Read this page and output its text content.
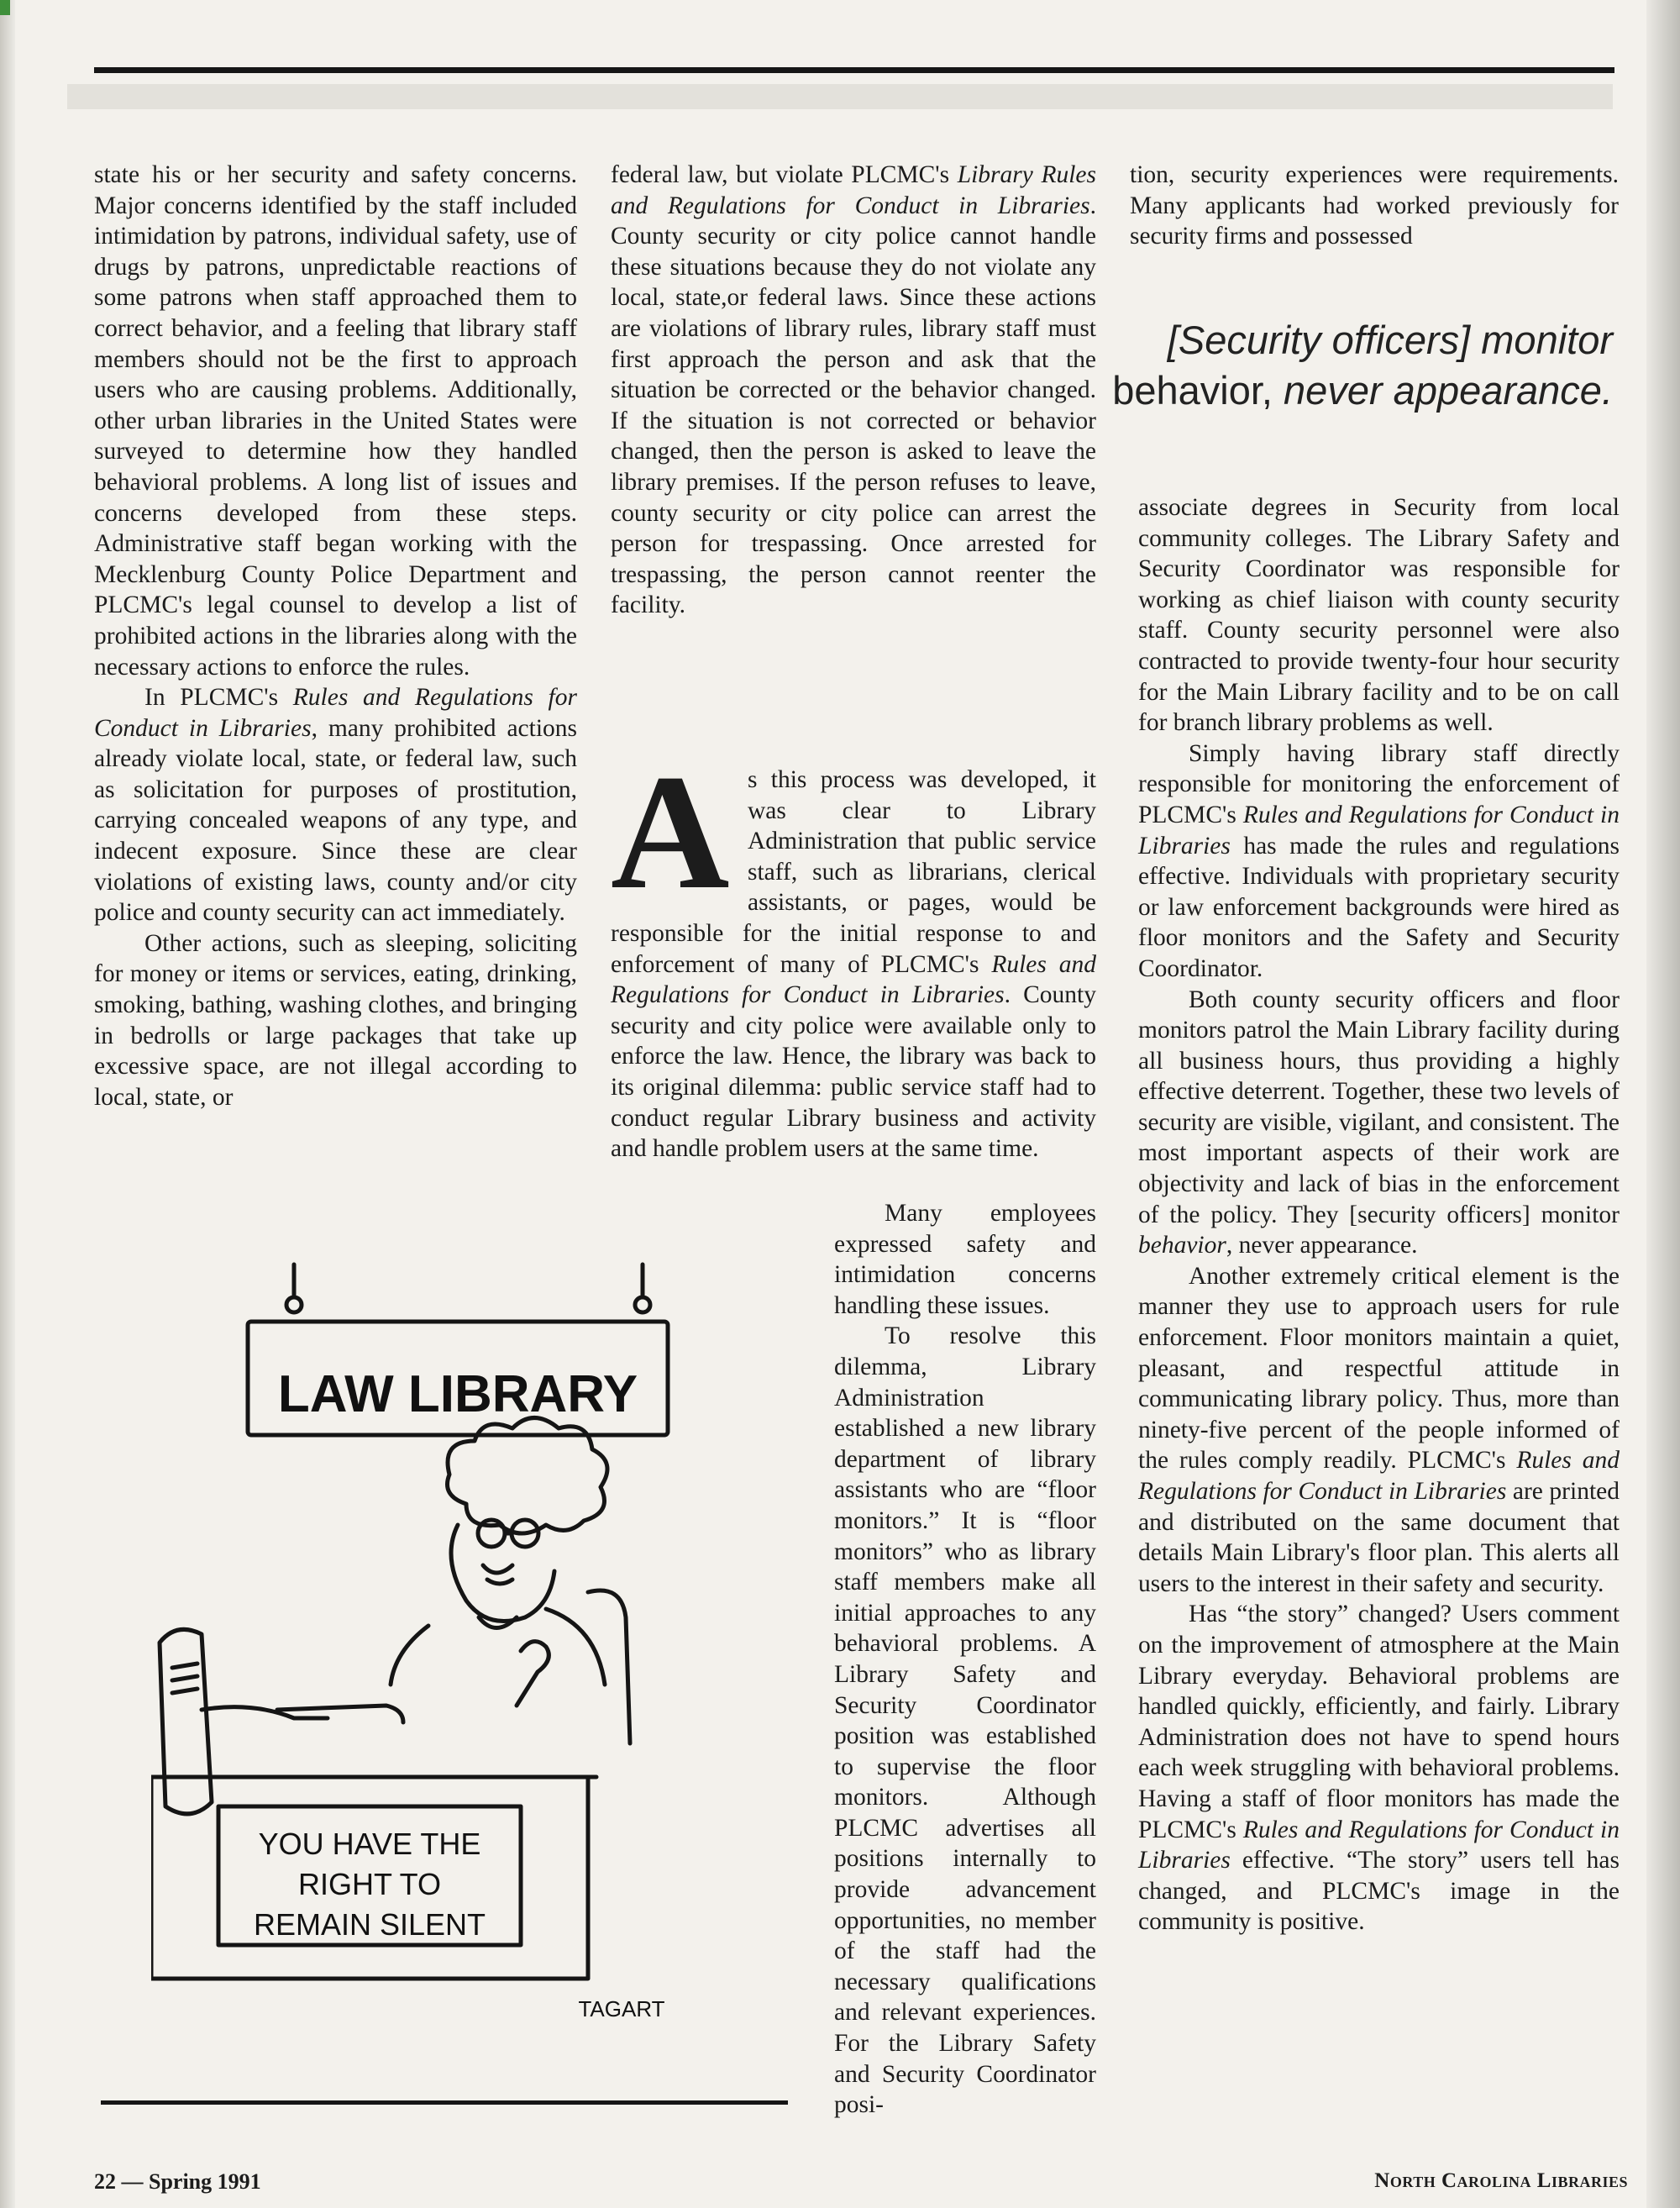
state his or her security and safety concerns. Major concerns identified by the staff included intimidation by patrons, individual safety, use of drugs by patrons, unpredictable reactions of some patrons when staff approached them to correct behavior, and a feeling that library staff members should not be the first to approach users who are causing problems. Additionally, other urban libraries in the United States were surveyed to determine how they handled behavioral problems. A long list of issues and concerns developed from these steps. Administrative staff began working with the Mecklenburg County Police Department and PLCMC's legal counsel to develop a list of prohibited actions in the libraries along with the necessary actions to enforce the rules.

In PLCMC's Rules and Regulations for Conduct in Libraries, many prohibited actions already violate local, state, or federal law, such as solicitation for purposes of prostitution, carrying concealed weapons of any type, and indecent exposure. Since these are clear violations of existing laws, county and/or city police and county security can act immediately.

Other actions, such as sleeping, soliciting for money or items or services, eating, drinking, smoking, bathing, washing clothes, and bringing in bedrolls or large packages that take up excessive space, are not illegal according to local, state, or

federal law, but violate PLCMC's Library Rules and Regulations for Conduct in Libraries. County security or city police cannot handle these situations because they do not violate any local, state,or federal laws. Since these actions are violations of library rules, library staff must first approach the person and ask that the situation be corrected or the behavior changed. If the situation is not corrected or behavior changed, then the person is asked to leave the library premises. If the person refuses to leave, county security or city police can arrest the person for trespassing. Once arrested for trespassing, the person cannot reenter the facility.

As this process was developed, it was clear to Library Administration that public service staff, such as librarians, clerical assistants, or pages, would be responsible for the initial response to and enforcement of many of PLCMC's Rules and Regulations for Conduct in Libraries. County security and city police were available only to enforce the law. Hence, the library was back to its original dilemma: public service staff had to conduct regular Library business and activity and handle problem users at the same time.

Many employees expressed safety and intimidation concerns handling these issues.

To resolve this dilemma, Library Administration established a new library department of library assistants who are “floor monitors.” It is “floor monitors” who as library staff members make all initial approaches to any behavioral problems. A Library Safety and Security Coordinator position was established to supervise the floor monitors. Although PLCMC advertises all positions internally to provide advancement opportunities, no member of the staff had the necessary qualifications and relevant experiences. For the Library Safety and Security Coordinator posi-

tion, security experiences were requirements. Many applicants had worked previously for security firms and possessed

[Security officers] monitor

behavior, never appearance.

associate degrees in Security from local community colleges. The Library Safety and Security Coordinator was responsible for working as chief liaison with county security staff. County security personnel were also contracted to provide twenty-four hour security for the Main Library facility and to be on call for branch library problems as well.

Simply having library staff directly responsible for monitoring the enforcement of PLCMC's Rules and Regulations for Conduct in Libraries has made the rules and regulations effective. Individuals with proprietary security or law enforcement backgrounds were hired as floor monitors and the Safety and Security Coordinator.

Both county security officers and floor monitors patrol the Main Library facility during all business hours, thus providing a highly effective deterrent. Together, these two levels of security are visible, vigilant, and consistent. The most important aspects of their work are objectivity and lack of bias in the enforcement of the policy. They [security officers] monitor behavior, never appearance.

Another extremely critical element is the manner they use to approach users for rule enforcement. Floor monitors maintain a quiet, pleasant, and respectful attitude in communicating library policy. Thus, more than ninety-five percent of the people informed of the rules comply readily. PLCMC's Rules and Regulations for Conduct in Libraries are printed and distributed on the same document that details Main Library's floor plan. This alerts all users to the interest in their safety and security.

Has “the story” changed? Users comment on the improvement of atmosphere at the Main Library everyday. Behavioral problems are handled quickly, efficiently, and fairly. Library Administration does not have to spend hours each week struggling with behavioral problems. Having a staff of floor monitors has made the PLCMC's Rules and Regulations for Conduct in Libraries effective. “The story” users tell has changed, and PLCMC's image in the community is positive.

LAW LIBRARY
YOU HAVE THE
RIGHT TO
REMAIN SILENT
TAGART
22 — Spring 1991	North Carolina Libraries
